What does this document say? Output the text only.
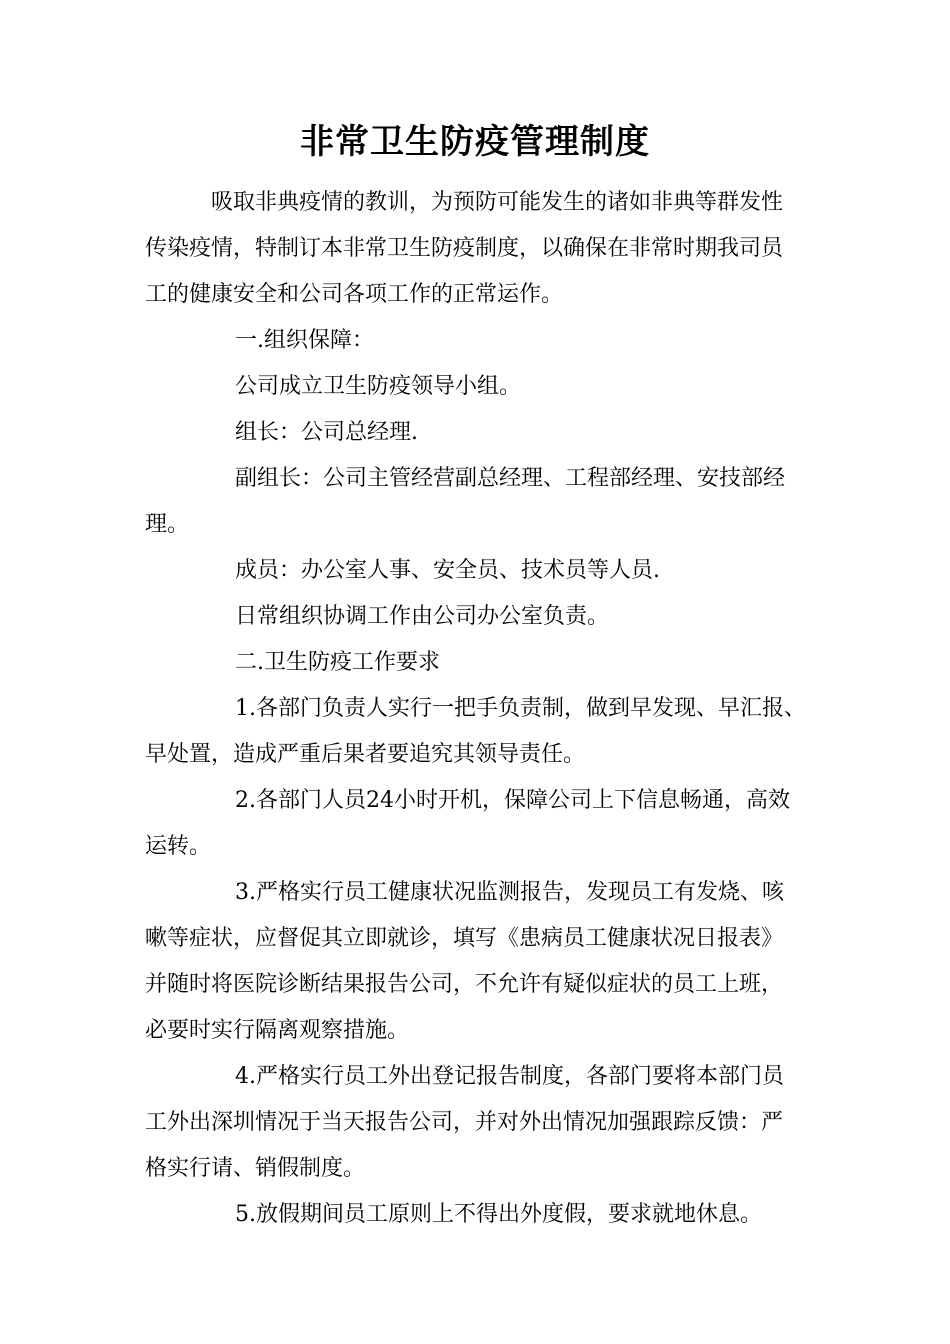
非常卫生防疫管理制度

吸取非典疫情的教训，为预防可能发生的诸如非典等群发性
传染疫情，特制订本非常卫生防疫制度，以确保在非常时期我司员
工的健康安全和公司各项工作的正常运作。

一.组织保障：

公司成立卫生防疫领导小组。

组长：公司总经理.

副组长：公司主管经营副总经理、工程部经理、安技部经
理。

成员：办公室人事、安全员、技术员等人员.

日常组织协调工作由公司办公室负责。

二.卫生防疫工作要求

1.各部门负责人实行一把手负责制，做到早发现、早汇报、
早处置，造成严重后果者要追究其领导责任。

2.各部门人员24小时开机，保障公司上下信息畅通，高效
运转。

3.严格实行员工健康状况监测报告，发现员工有发烧、咳
嗽等症状，应督促其立即就诊，填写《患病员工健康状况日报表》
并随时将医院诊断结果报告公司，不允许有疑似症状的员工上班，
必要时实行隔离观察措施。

4.严格实行员工外出登记报告制度，各部门要将本部门员
工外出深圳情况于当天报告公司，并对外出情况加强跟踪反馈：严
格实行请、销假制度。

5.放假期间员工原则上不得出外度假，要求就地休息。
